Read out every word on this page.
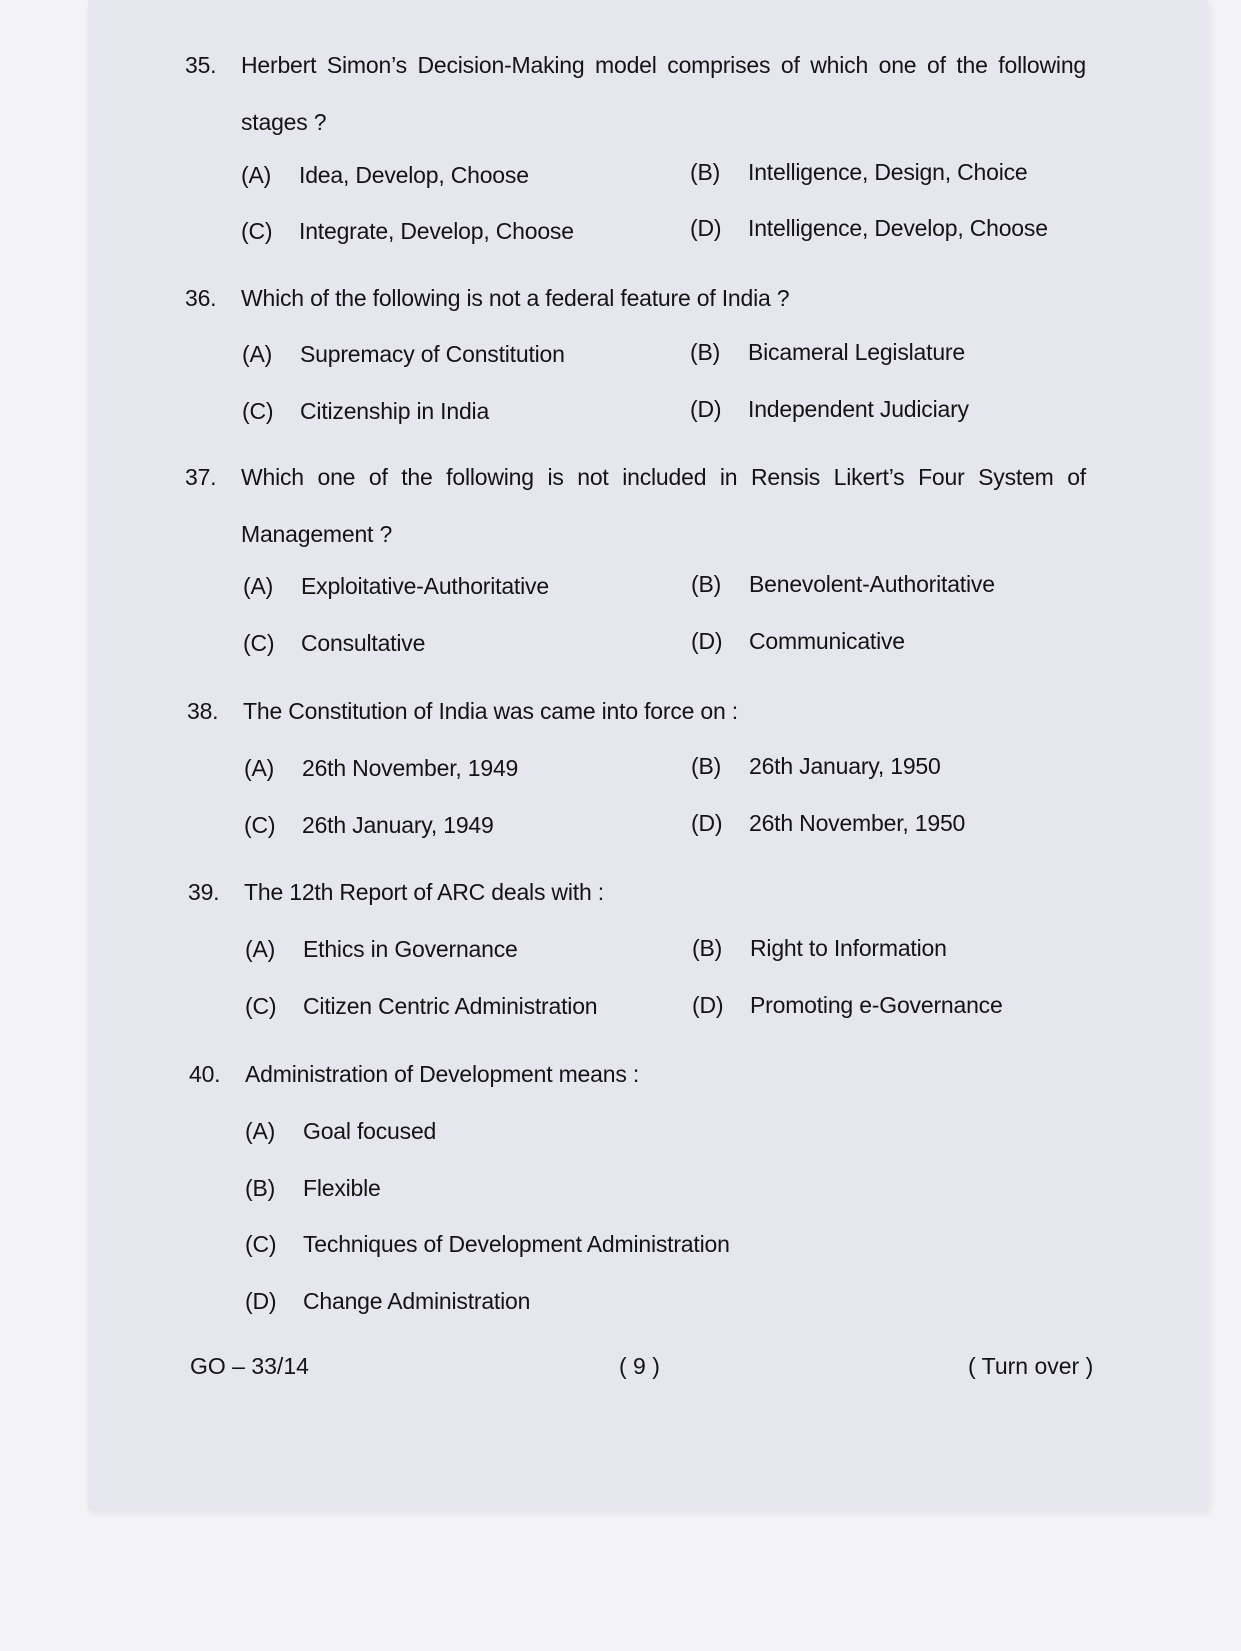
35.	Herbert Simon’s Decision-Making model comprises of which one of the following stages ?
(A) Idea, Develop, Choose	(B) Intelligence, Design, Choice
(C) Integrate, Develop, Choose	(D) Intelligence, Develop, Choose
36.	Which of the following is not a federal feature of India ?
(A) Supremacy of Constitution	(B) Bicameral Legislature
(C) Citizenship in India	(D) Independent Judiciary
37.	Which one of the following is not included in Rensis Likert’s Four System of Management ?
(A) Exploitative-Authoritative	(B) Benevolent-Authoritative
(C) Consultative	(D) Communicative
38.	The Constitution of India was came into force on :
(A) 26th November, 1949	(B) 26th January, 1950
(C) 26th January, 1949	(D) 26th November, 1950
39.	The 12th Report of ARC deals with :
(A) Ethics in Governance	(B) Right to Information
(C) Citizen Centric Administration	(D) Promoting e-Governance
40.	Administration of Development means :
(A) Goal focused
(B) Flexible
(C) Techniques of Development Administration
(D) Change Administration
GO – 33/14	( 9 )	( Turn over )
